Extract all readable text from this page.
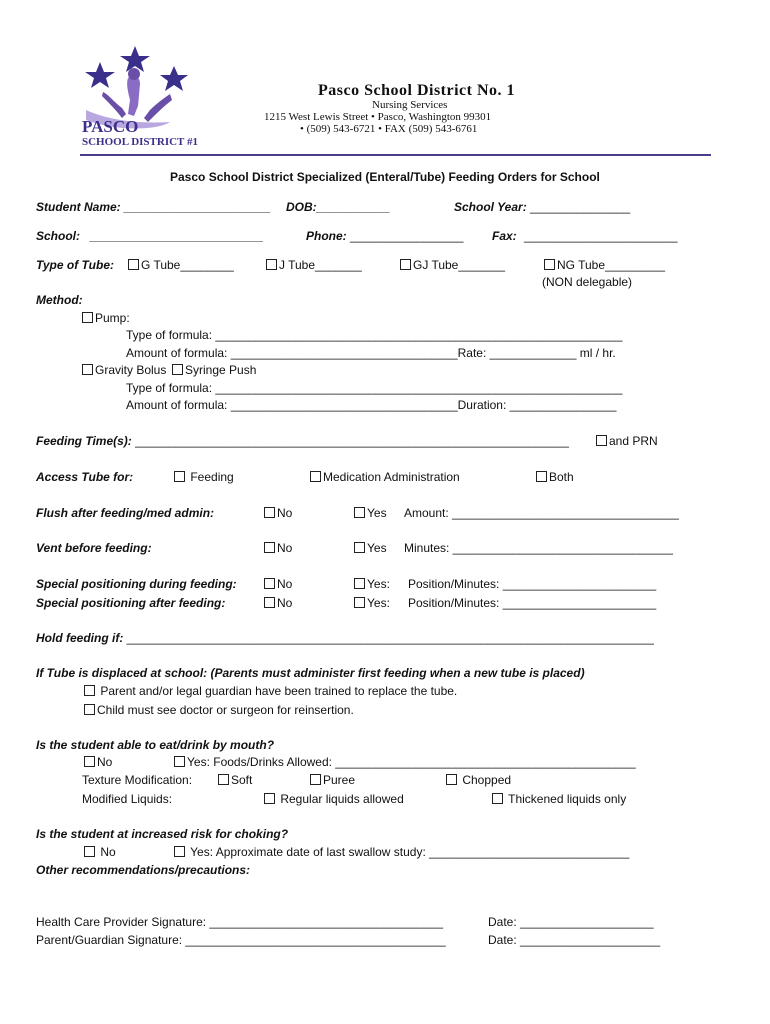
PASCO
SCHOOL DISTRICT #1
Pasco School District No. 1
Nursing Services
1215 West Lewis Street • Pasco, Washington 99301
• (509) 543-6721 • FAX (509) 543-6761
Pasco School District Specialized (Enteral/Tube) Feeding Orders for School
Student Name: ______________________ DOB:___________	School Year: _______________
School: __________________________	Phone: _________________ Fax: _______________________
Type of Tube:	G Tube________	J Tube_______	GJ Tube_______	NG Tube_________
(NON delegable)
Method:
Pump:
Type of formula: _____________________________________________________________
Amount of formula: __________________________________Rate: _____________ ml / hr.
Gravity Bolus	Syringe Push
Type of formula: _____________________________________________________________
Amount of formula: __________________________________Duration: ________________
Feeding Time(s): _________________________________________________________________	and PRN
Access Tube for:	Feeding	Medication Administration	Both
Flush after feeding/med admin:	No	Yes Amount: __________________________________
Vent before feeding:	No	Yes Minutes: _________________________________
Special positioning during feeding:	No	Yes: Position/Minutes: _______________________
Special positioning after feeding:	No	Yes: Position/Minutes: _______________________
Hold feeding if: _______________________________________________________________________________
If Tube is displaced at school: (Parents must administer first feeding when a new tube is placed)
Parent and/or legal guardian have been trained to replace the tube.
Child must see doctor or surgeon for reinsertion.
Is the student able to eat/drink by mouth?
No	Yes: Foods/Drinks Allowed: _____________________________________________
Texture Modification:	Soft	Puree	Chopped
Modified Liquids:	Regular liquids allowed	Thickened liquids only
Is the student at increased risk for choking?
No	Yes: Approximate date of last swallow study: ______________________________
Other recommendations/precautions:
Health Care Provider Signature: ___________________________________	Date: ____________________
Parent/Guardian Signature: _______________________________________	Date: _____________________
